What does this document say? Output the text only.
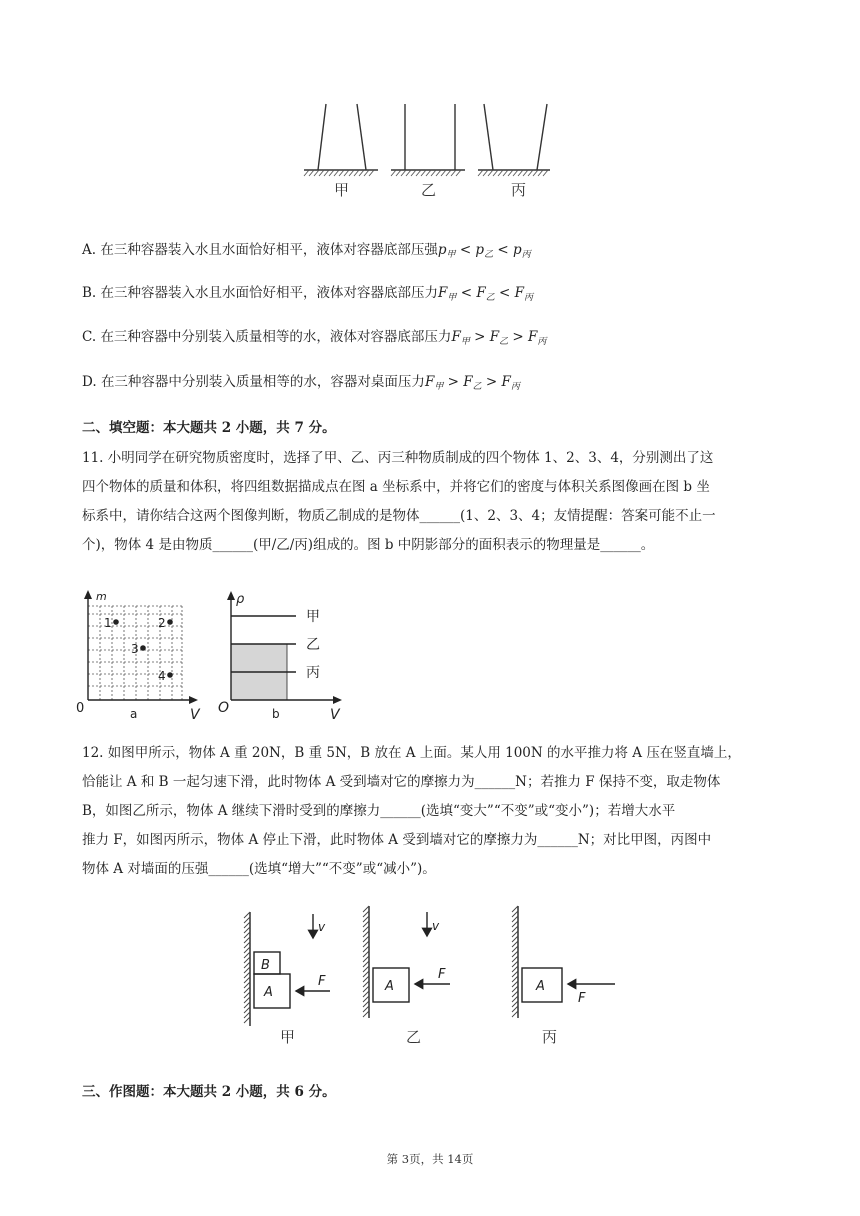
甲	乙	丙
A. 在三种容器装入水且水面恰好相平，液体对容器底部压强$p_甲 < p_乙 < p_丙$
B. 在三种容器装入水且水面恰好相平，液体对容器底部压力$F_甲 < F_乙 < F_丙$
C. 在三种容器中分别装入质量相等的水，液体对容器底部压力$F_甲 > F_乙 > F_丙$
D. 在三种容器中分别装入质量相等的水，容器对桌面压力$F_甲 > F_乙 > F_丙$
二、填空题：本大题共 2 小题，共 7 分。
11. 小明同学在研究物质密度时，选择了甲、乙、丙三种物质制成的四个物体 1、2、3、4，分别测出了这
四个物体的质量和体积，将四组数据描成点在图 a 坐标系中，并将它们的密度与体积关系图像画在图 b 坐
标系中，请你结合这两个图像判断，物质乙制成的是物体______(1、2、3、4；友情提醒：答案可能不止一
个)，物体 4 是由物质______(甲/乙/丙)组成的。图 b 中阴影部分的面积表示的物理量是______。
1	2
3
4
m
0	a	V
甲
乙
丙
ρ
O	b	V
12. 如图甲所示，物体 A 重 20N，B 重 5N，B 放在 A 上面。某人用 100N 的水平推力将 A 压在竖直墙上，
恰能让 A 和 B 一起匀速下滑，此时物体 A 受到墙对它的摩擦力为______N；若推力 F 保持不变，取走物体
B，如图乙所示，物体 A 继续下滑时受到的摩擦力______(选填“变大”“不变”或“变小”)；若增大水平
推力 F，如图丙所示，物体 A 停止下滑，此时物体 A 受到墙对它的摩擦力为______N；对比甲图，丙图中
物体 A 对墙面的压强______(选填“增大”“不变”或“减小”)。
B
A
v
F
甲
A
v
F
乙
A
F
丙
三、作图题：本大题共 2 小题，共 6 分。
第 3页，共 14页
